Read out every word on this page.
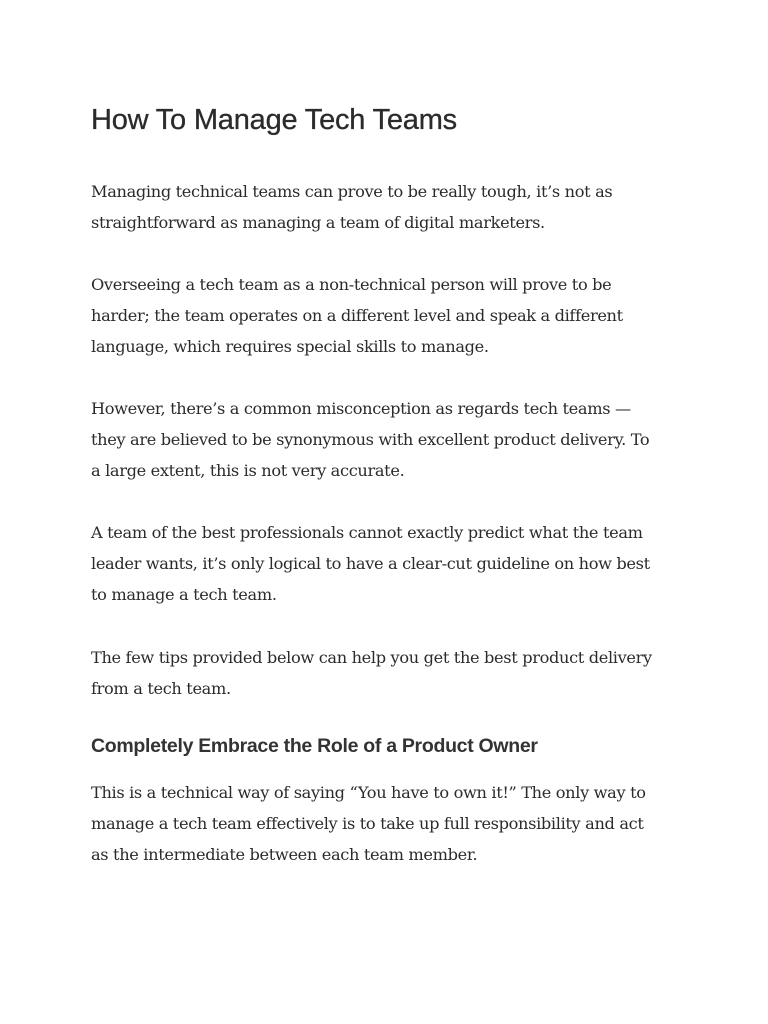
How To Manage Tech Teams

Managing technical teams can prove to be really tough, it’s not as
straightforward as managing a team of digital marketers.

Overseeing a tech team as a non-technical person will prove to be
harder; the team operates on a different level and speak a different
language, which requires special skills to manage.

However, there’s a common misconception as regards tech teams —
they are believed to be synonymous with excellent product delivery. To
a large extent, this is not very accurate.

A team of the best professionals cannot exactly predict what the team
leader wants, it’s only logical to have a clear-cut guideline on how best
to manage a tech team.

The few tips provided below can help you get the best product delivery
from a tech team.

Completely Embrace the Role of a Product Owner

This is a technical way of saying “You have to own it!” The only way to
manage a tech team effectively is to take up full responsibility and act
as the intermediate between each team member.
